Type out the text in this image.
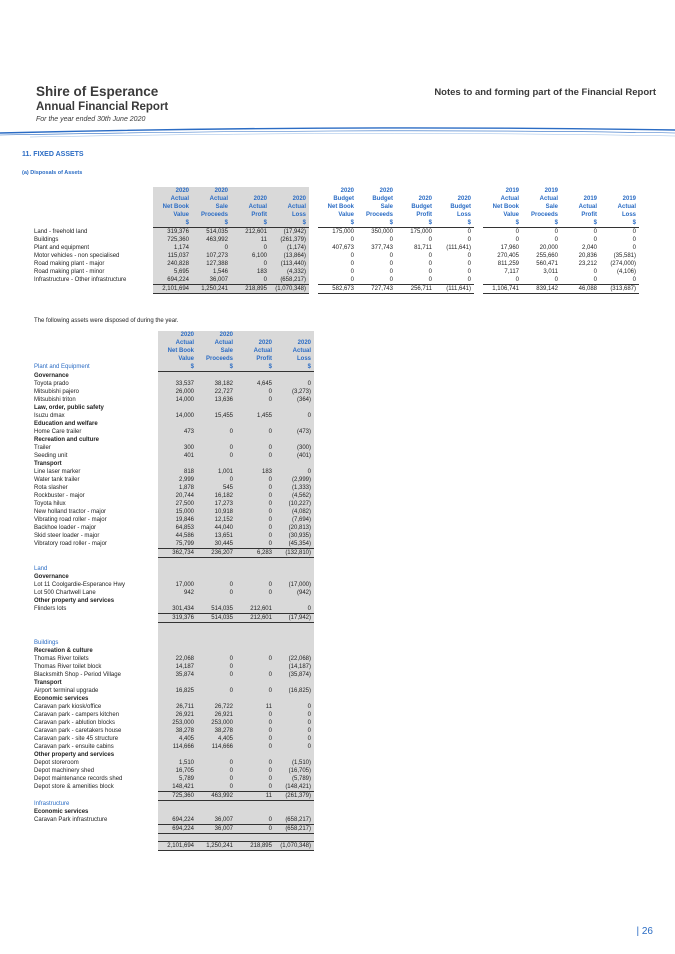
Shire of Esperance
Annual Financial Report
For the year ended 30th June 2020
Notes to and forming part of the Financial Report
11. FIXED ASSETS
(a) Disposals of Assets
	2020	2020				2020	2020				2019	2019		
	Actual	Actual	2020	2020		Budget	Budget	2020	2020		Actual	Actual	2019	2019
	Net Book	Sale	Actual	Actual		Net Book	Sale	Budget	Budget		Net Book	Sale	Actual	Actual
	Value	Proceeds	Profit	Loss		Value	Proceeds	Profit	Loss		Value	Proceeds	Profit	Loss
	$	$	$	$		$	$	$	$		$	$	$	$
Land - freehold land	319,376	514,035	212,601	(17,942)		175,000	350,000	175,000	0		0	0	0	0
Buildings	725,360	463,992	11	(261,379)		0	0	0	0		0	0	0	0
Plant and equipment	1,174	0	0	(1,174)		407,673	377,743	81,711	(111,641)		17,960	20,000	2,040	0
Motor vehicles - non specialised	115,037	107,273	6,100	(13,864)		0	0	0	0		270,405	255,660	20,836	(35,581)
Road making plant - major	240,828	127,388	0	(113,440)		0	0	0	0		811,259	560,471	23,212	(274,000)
Road making plant - minor	5,695	1,546	183	(4,332)		0	0	0	0		7,117	3,011	0	(4,106)
Infrastructure - Other infrastructure	694,224	36,007	0	(658,217)		0	0	0	0		0	0	0	0
	2,101,694	1,250,241	218,895	(1,070,348)		582,673	727,743	256,711	(111,641)		1,106,741	839,142	46,088	(313,687)
The following assets were disposed of during the year.
	2020	2020		
	Actual	Actual	2020	2020
	Net Book	Sale	Actual	Actual
	Value	Proceeds	Profit	Loss
Plant and Equipment	$	$	$	$
Governance				
Toyota prado	33,537	38,182	4,645	0
Mitsubishi pajero	26,000	22,727	0	(3,273)
Mitsubishi triton	14,000	13,636	0	(364)
Law, order, public safety				
Isuzu dmax	14,000	15,455	1,455	0
Education and welfare				
Home Care trailer	473	0	0	(473)
Recreation and culture				
Trailer	300	0	0	(300)
Seeding unit	401	0	0	(401)
Transport				
Line laser marker	818	1,001	183	0
Water tank trailer	2,999	0	0	(2,999)
Rota slasher	1,878	545	0	(1,333)
Rockbuster - major	20,744	16,182	0	(4,562)
Toyota hilux	27,500	17,273	0	(10,227)
New holland tractor - major	15,000	10,918	0	(4,082)
Vibrating road roller - major	19,846	12,152	0	(7,694)
Backhoe loader - major	64,853	44,040	0	(20,813)
Skid steer loader - major	44,586	13,651	0	(30,935)
Vibratory road roller - major	75,799	30,445	0	(45,354)
	362,734	236,207	6,283	(132,810)

Land				
Governance				
Lot 11 Coolgardie-Esperance Hwy	17,000	0	0	(17,000)
Lot 500 Chartwell Lane	942	0	0	(942)
Other property and services				
Flinders lots	301,434	514,035	212,601	0
	319,376	514,035	212,601	(17,942)

Buildings				
Recreation & culture				
Thomas River toilets	22,068	0	0	(22,068)
Thomas River toilet block	14,187	0		(14,187)
Blacksmith Shop - Period Village	35,874	0	0	(35,874)
Transport				
Airport terminal upgrade	16,825	0	0	(16,825)
Economic services				
Caravan park kiosk/office	26,711	26,722	11	0
Caravan park - campers kitchen	26,921	26,921	0	0
Caravan park - ablution blocks	253,000	253,000	0	0
Caravan park - caretakers house	38,278	38,278	0	0
Caravan park - site 45 structure	4,405	4,405	0	0
Caravan park - ensuite cabins	114,666	114,666	0	0
Other property and services				
Depot storeroom	1,510	0	0	(1,510)
Depot machinery shed	16,705	0	0	(16,705)
Depot maintenance records shed	5,789	0	0	(5,789)
Depot store & amenities block	148,421	0	0	(148,421)
	725,360	463,992	11	(261,379)
Infrastructure				
Economic services				
Caravan Park infrastructure	694,224	36,007	0	(658,217)
	694,224	36,007	0	(658,217)

	2,101,694	1,250,241	218,895	(1,070,348)
| 26
